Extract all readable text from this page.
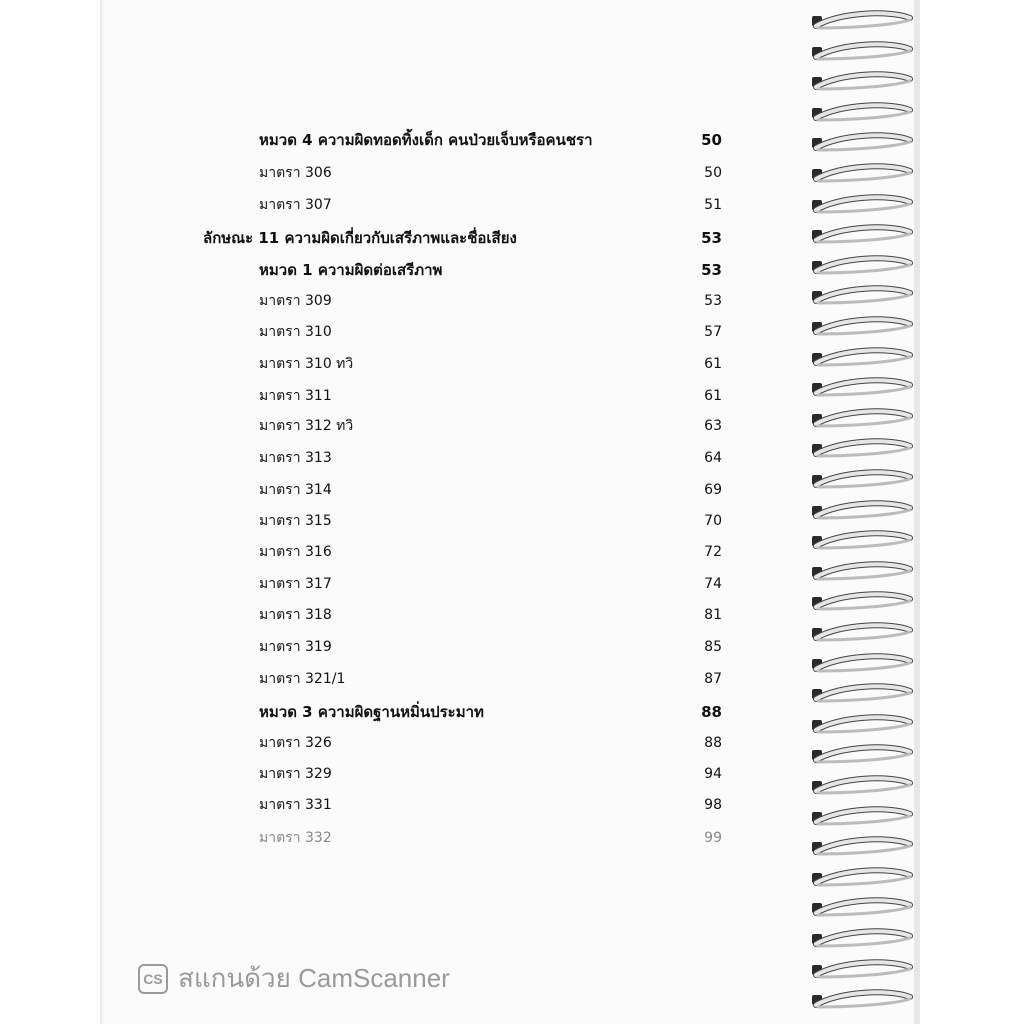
หมวด 4 ความผิดทอดทิ้งเด็ก คนป่วยเจ็บหรือคนชรา	50
มาตรา 306	50
มาตรา 307	51
ลักษณะ 11 ความผิดเกี่ยวกับเสรีภาพและชื่อเสียง	53
หมวด 1 ความผิดต่อเสรีภาพ	53
มาตรา 309	53
มาตรา 310	57
มาตรา 310 ทวิ	61
มาตรา 311	61
มาตรา 312 ทวิ	63
มาตรา 313	64
มาตรา 314	69
มาตรา 315	70
มาตรา 316	72
มาตรา 317	74
มาตรา 318	81
มาตรา 319	85
มาตรา 321/1	87
หมวด 3 ความผิดฐานหมิ่นประมาท	88
มาตรา 326	88
มาตรา 329	94
มาตรา 331	98
มาตรา 332	99
CS สแกนด้วย CamScanner
